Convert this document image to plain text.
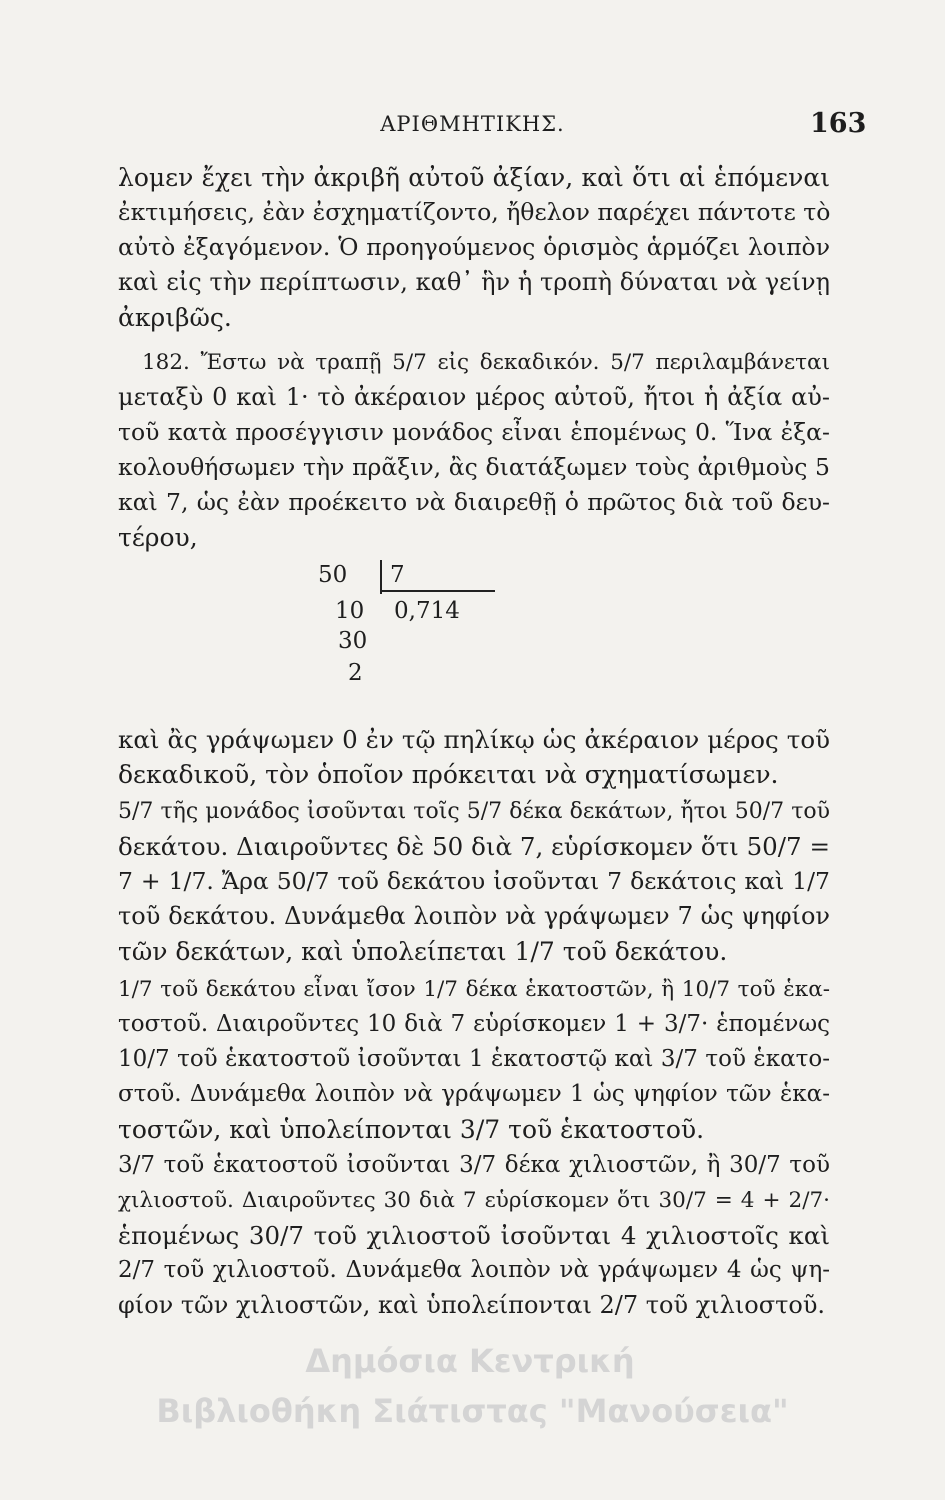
ΑΡΙΘΜΗΤΙΚΗΣ.	163
λομεν ἔχει τὴν ἀκριβῆ αὐτοῦ ἀξίαν, καὶ ὅτι αἱ ἑπόμεναι
ἐκτιμήσεις, ἐὰν ἐσχηματίζοντο, ἤθελον παρέχει πάντοτε τὸ
αὐτὸ ἐξαγόμενον. Ὁ προηγούμενος ὁρισμὸς ἁρμόζει λοιπὸν
καὶ εἰς τὴν περίπτωσιν, καθ᾿ ἣν ἡ τροπὴ δύναται νὰ γείνῃ
ἀκριβῶς.
182. Ἔστω νὰ τραπῇ 5/7 εἰς δεκαδικόν. 5/7 περιλαμβάνεται
μεταξὺ 0 καὶ 1· τὸ ἀκέραιον μέρος αὐτοῦ, ἤτοι ἡ ἀξία αὐ-
τοῦ κατὰ προσέγγισιν μονάδος εἶναι ἑπομένως 0. Ἵνα ἐξα-
κολουθήσωμεν τὴν πρᾶξιν, ἂς διατάξωμεν τοὺς ἀριθμοὺς 5
καὶ 7, ὡς ἐὰν προέκειτο νὰ διαιρεθῇ ὁ πρῶτος διὰ τοῦ δευ-
τέρου,
50 7
10 0,714
30
2
καὶ ἂς γράψωμεν 0 ἐν τῷ πηλίκῳ ὡς ἀκέραιον μέρος τοῦ
δεκαδικοῦ, τὸν ὁποῖον πρόκειται νὰ σχηματίσωμεν.
5/7 τῆς μονάδος ἰσοῦνται τοῖς 5/7 δέκα δεκάτων, ἤτοι 50/7 τοῦ
δεκάτου. Διαιροῦντες δὲ 50 διὰ 7, εὑρίσκομεν ὅτι 50/7 =
7 + 1/7. Ἄρα 50/7 τοῦ δεκάτου ἰσοῦνται 7 δεκάτοις καὶ 1/7
τοῦ δεκάτου. Δυνάμεθα λοιπὸν νὰ γράψωμεν 7 ὡς ψηφίον
τῶν δεκάτων, καὶ ὑπολείπεται 1/7 τοῦ δεκάτου.
1/7 τοῦ δεκάτου εἶναι ἴσον 1/7 δέκα ἑκατοστῶν, ἢ 10/7 τοῦ ἑκα-
τοστοῦ. Διαιροῦντες 10 διὰ 7 εὑρίσκομεν 1 + 3/7· ἑπομένως
10/7 τοῦ ἑκατοστοῦ ἰσοῦνται 1 ἑκατοστῷ καὶ 3/7 τοῦ ἑκατο-
στοῦ. Δυνάμεθα λοιπὸν νὰ γράψωμεν 1 ὡς ψηφίον τῶν ἑκα-
τοστῶν, καὶ ὑπολείπονται 3/7 τοῦ ἑκατοστοῦ.
3/7 τοῦ ἑκατοστοῦ ἰσοῦνται 3/7 δέκα χιλιοστῶν, ἢ 30/7 τοῦ
χιλιοστοῦ. Διαιροῦντες 30 διὰ 7 εὑρίσκομεν ὅτι 30/7 = 4 + 2/7·
ἑπομένως 30/7 τοῦ χιλιοστοῦ ἰσοῦνται 4 χιλιοστοῖς καὶ
2/7 τοῦ χιλιοστοῦ. Δυνάμεθα λοιπὸν νὰ γράψωμεν 4 ὡς ψη-
φίον τῶν χιλιοστῶν, καὶ ὑπολείπονται 2/7 τοῦ χιλιοστοῦ.
Δημόσια Κεντρική
Βιβλιοθήκη Σιάτιστας "Μανούσεια"
